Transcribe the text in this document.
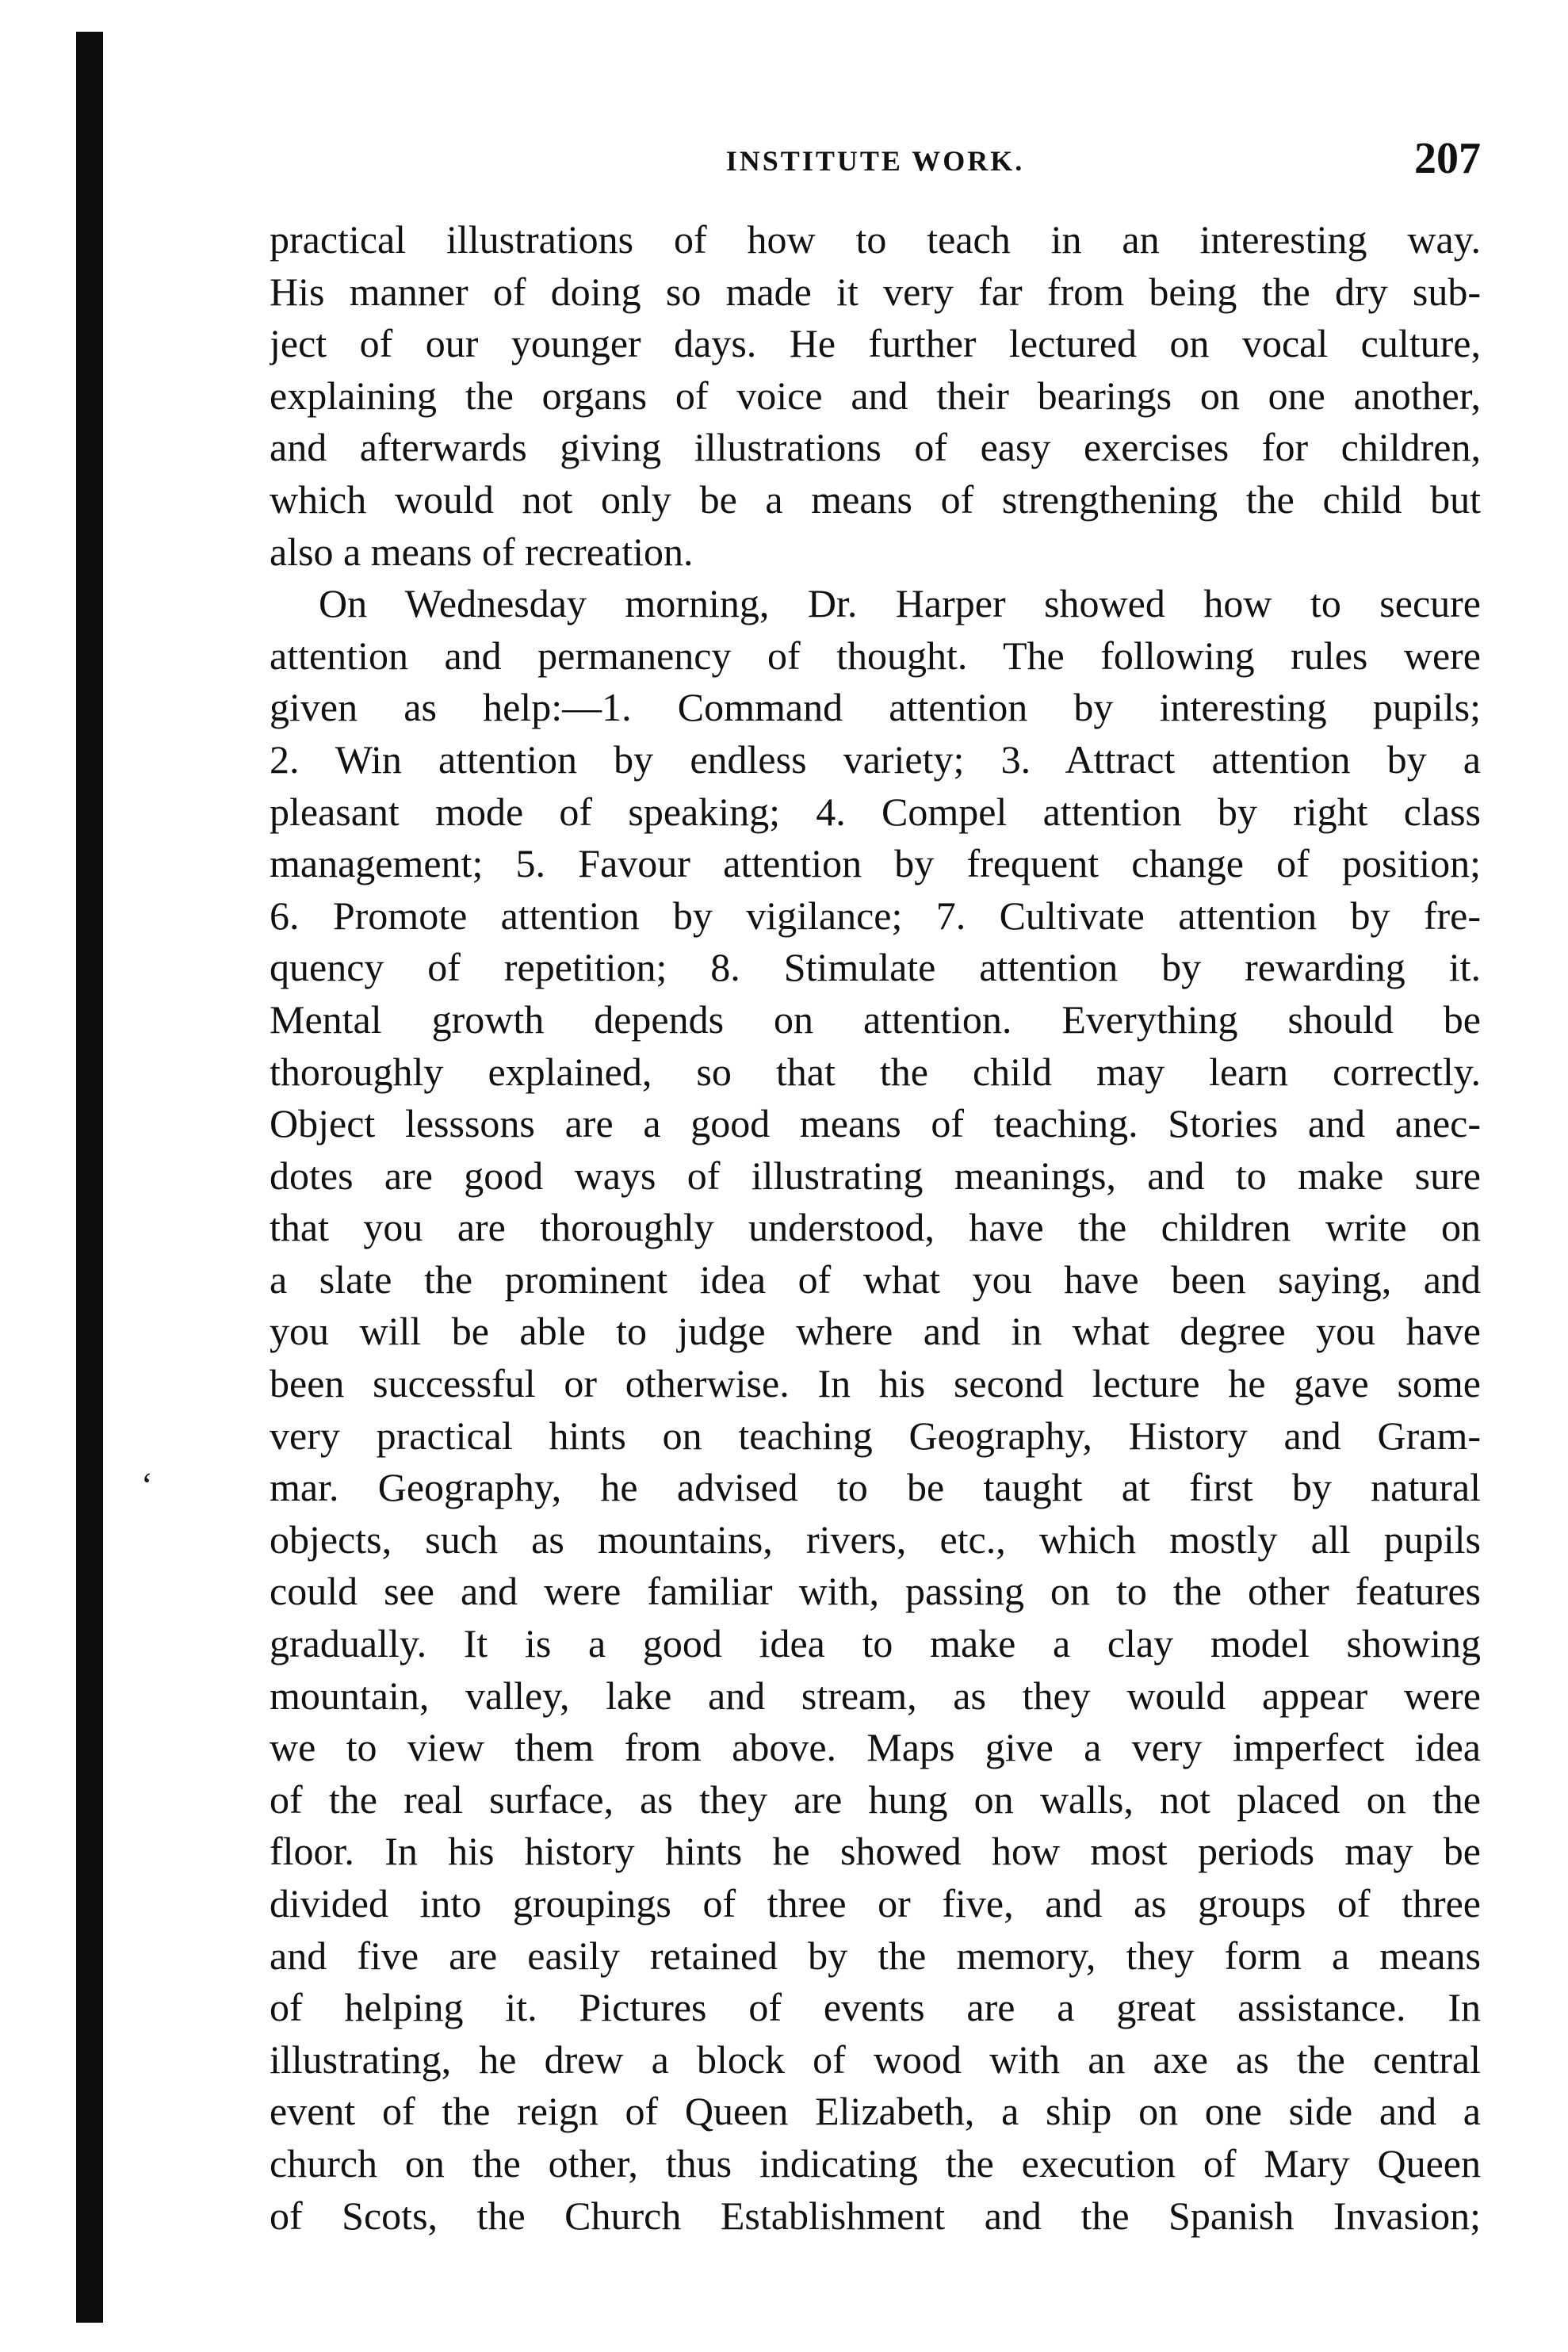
INSTITUTE WORK.	207
‘
practical illustrations of how to teach in an interesting way.
His manner of doing so made it very far from being the dry sub-
ject of our younger days. He further lectured on vocal culture,
explaining the organs of voice and their bearings on one another,
and afterwards giving illustrations of easy exercises for children,
which would not only be a means of strengthening the child but
also a means of recreation.
On Wednesday morning, Dr. Harper showed how to secure
attention and permanency of thought. The following rules were
given as help:—1. Command attention by interesting pupils;
2. Win attention by endless variety; 3. Attract attention by a
pleasant mode of speaking; 4. Compel attention by right class
management; 5. Favour attention by frequent change of position;
6. Promote attention by vigilance; 7. Cultivate attention by fre-
quency of repetition; 8. Stimulate attention by rewarding it.
Mental growth depends on attention. Everything should be
thoroughly explained, so that the child may learn correctly.
Object lesssons are a good means of teaching. Stories and anec-
dotes are good ways of illustrating meanings, and to make sure
that you are thoroughly understood, have the children write on
a slate the prominent idea of what you have been saying, and
you will be able to judge where and in what degree you have
been successful or otherwise. In his second lecture he gave some
very practical hints on teaching Geography, History and Gram-
mar. Geography, he advised to be taught at first by natural
objects, such as mountains, rivers, etc., which mostly all pupils
could see and were familiar with, passing on to the other features
gradually. It is a good idea to make a clay model showing
mountain, valley, lake and stream, as they would appear were
we to view them from above. Maps give a very imperfect idea
of the real surface, as they are hung on walls, not placed on the
floor. In his history hints he showed how most periods may be
divided into groupings of three or five, and as groups of three
and five are easily retained by the memory, they form a means
of helping it. Pictures of events are a great assistance. In
illustrating, he drew a block of wood with an axe as the central
event of the reign of Queen Elizabeth, a ship on one side and a
church on the other, thus indicating the execution of Mary Queen
of Scots, the Church Establishment and the Spanish Invasion;
